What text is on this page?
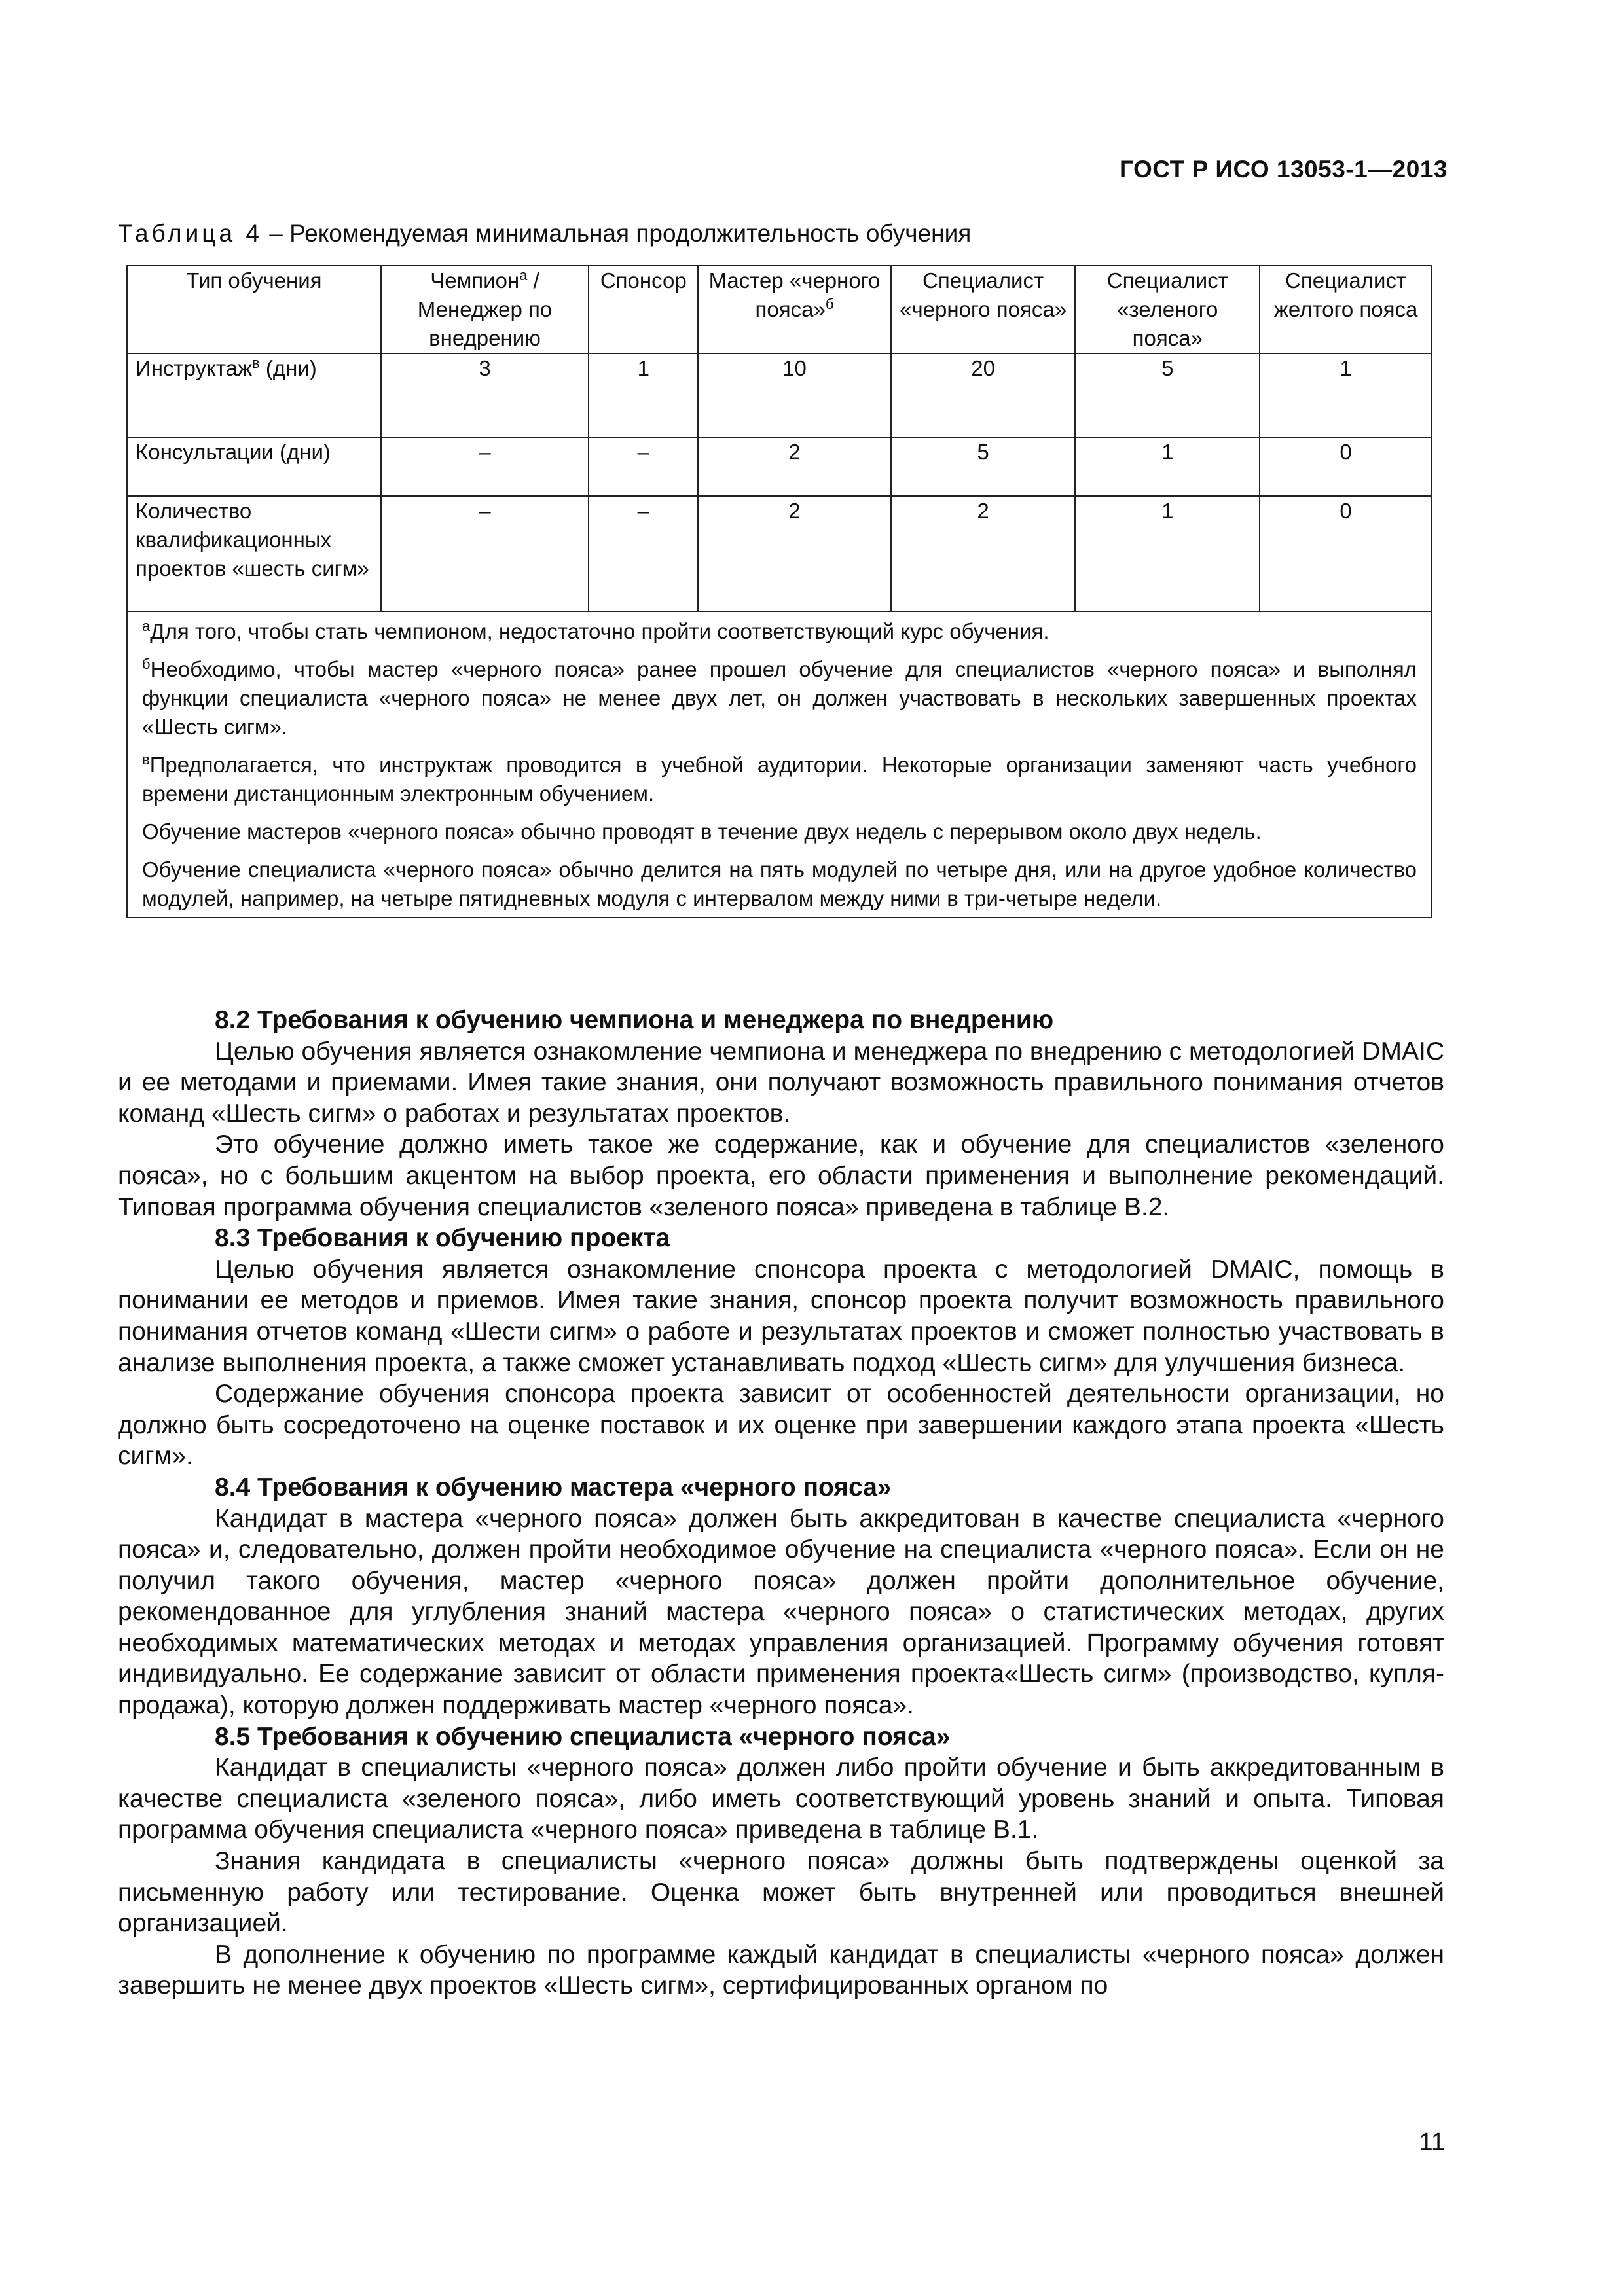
ГОСТ Р ИСО 13053-1—2013
Таблица 4 – Рекомендуемая минимальная продолжительность обучения
Тип обучения	Чемпион$^а$ / Менеджер по внедрению	Спонсор	Мастер «черного пояса»$^б$	Специалист «черного пояса»	Специалист «зеленого пояса»	Специалист желтого пояса
Инструктаж$^в$ (дни)	3	1	10	20	5	1
Консультации (дни)	–	–	2	5	1	0
Количество квалификационных проектов «шесть сигм»	–	–	2	2	1	0

$^а$Для того, чтобы стать чемпионом, недостаточно пройти соответствующий курс обучения.
$^б$Необходимо, чтобы мастер «черного пояса» ранее прошел обучение для специалистов «черного пояса» и выполнял функции специалиста «черного пояса» не менее двух лет, он должен участвовать в нескольких завершенных проектах «Шесть сигм».
$^в$Предполагается, что инструктаж проводится в учебной аудитории. Некоторые организации заменяют часть учебного времени дистанционным электронным обучением.
Обучение мастеров «черного пояса» обычно проводят в течение двух недель с перерывом около двух недель.
Обучение специалиста «черного пояса» обычно делится на пять модулей по четыре дня, или на другое удобное количество модулей, например, на четыре пятидневных модуля с интервалом между ними в три-четыре недели.						
8.2 Требования к обучению чемпиона и менеджера по внедрению

Целью обучения является ознакомление чемпиона и менеджера по внедрению с методологией DMAIC и ее методами и приемами. Имея такие знания, они получают возможность правильного понимания отчетов команд «Шесть сигм» о работах и результатах проектов.

Это обучение должно иметь такое же содержание, как и обучение для специалистов «зеленого пояса», но с большим акцентом на выбор проекта, его области применения и выполнение рекомендаций. Типовая программа обучения специалистов «зеленого пояса» приведена в таблице В.2.

8.3 Требования к обучению проекта

Целью обучения является ознакомление спонсора проекта с методологией DMAIC, помощь в понимании ее методов и приемов. Имея такие знания, спонсор проекта получит возможность правильного понимания отчетов команд «Шести сигм» о работе и результатах проектов и сможет полностью участвовать в анализе выполнения проекта, а также сможет устанавливать подход «Шесть сигм» для улучшения бизнеса.

Содержание обучения спонсора проекта зависит от особенностей деятельности организации, но должно быть сосредоточено на оценке поставок и их оценке при завершении каждого этапа проекта «Шесть сигм».

8.4 Требования к обучению мастера «черного пояса»

Кандидат в мастера «черного пояса» должен быть аккредитован в качестве специалиста «черного пояса» и, следовательно, должен пройти необходимое обучение на специалиста «черного пояса». Если он не получил такого обучения, мастер «черного пояса» должен пройти дополнительное обучение, рекомендованное для углубления знаний мастера «черного пояса» о статистических методах, других необходимых математических методах и методах управления организацией. Программу обучения готовят индивидуально. Ее содержание зависит от области применения проекта«Шесть сигм» (производство, купля-продажа), которую должен поддерживать мастер «черного пояса».

8.5 Требования к обучению специалиста «черного пояса»

Кандидат в специалисты «черного пояса» должен либо пройти обучение и быть аккредитованным в качестве специалиста «зеленого пояса», либо иметь соответствующий уровень знаний и опыта. Типовая программа обучения специалиста «черного пояса» приведена в таблице В.1.

Знания кандидата в специалисты «черного пояса» должны быть подтверждены оценкой за письменную работу или тестирование. Оценка может быть внутренней или проводиться внешней организацией.

В дополнение к обучению по программе каждый кандидат в специалисты «черного пояса» должен завершить не менее двух проектов «Шесть сигм», сертифицированных органом по

11
